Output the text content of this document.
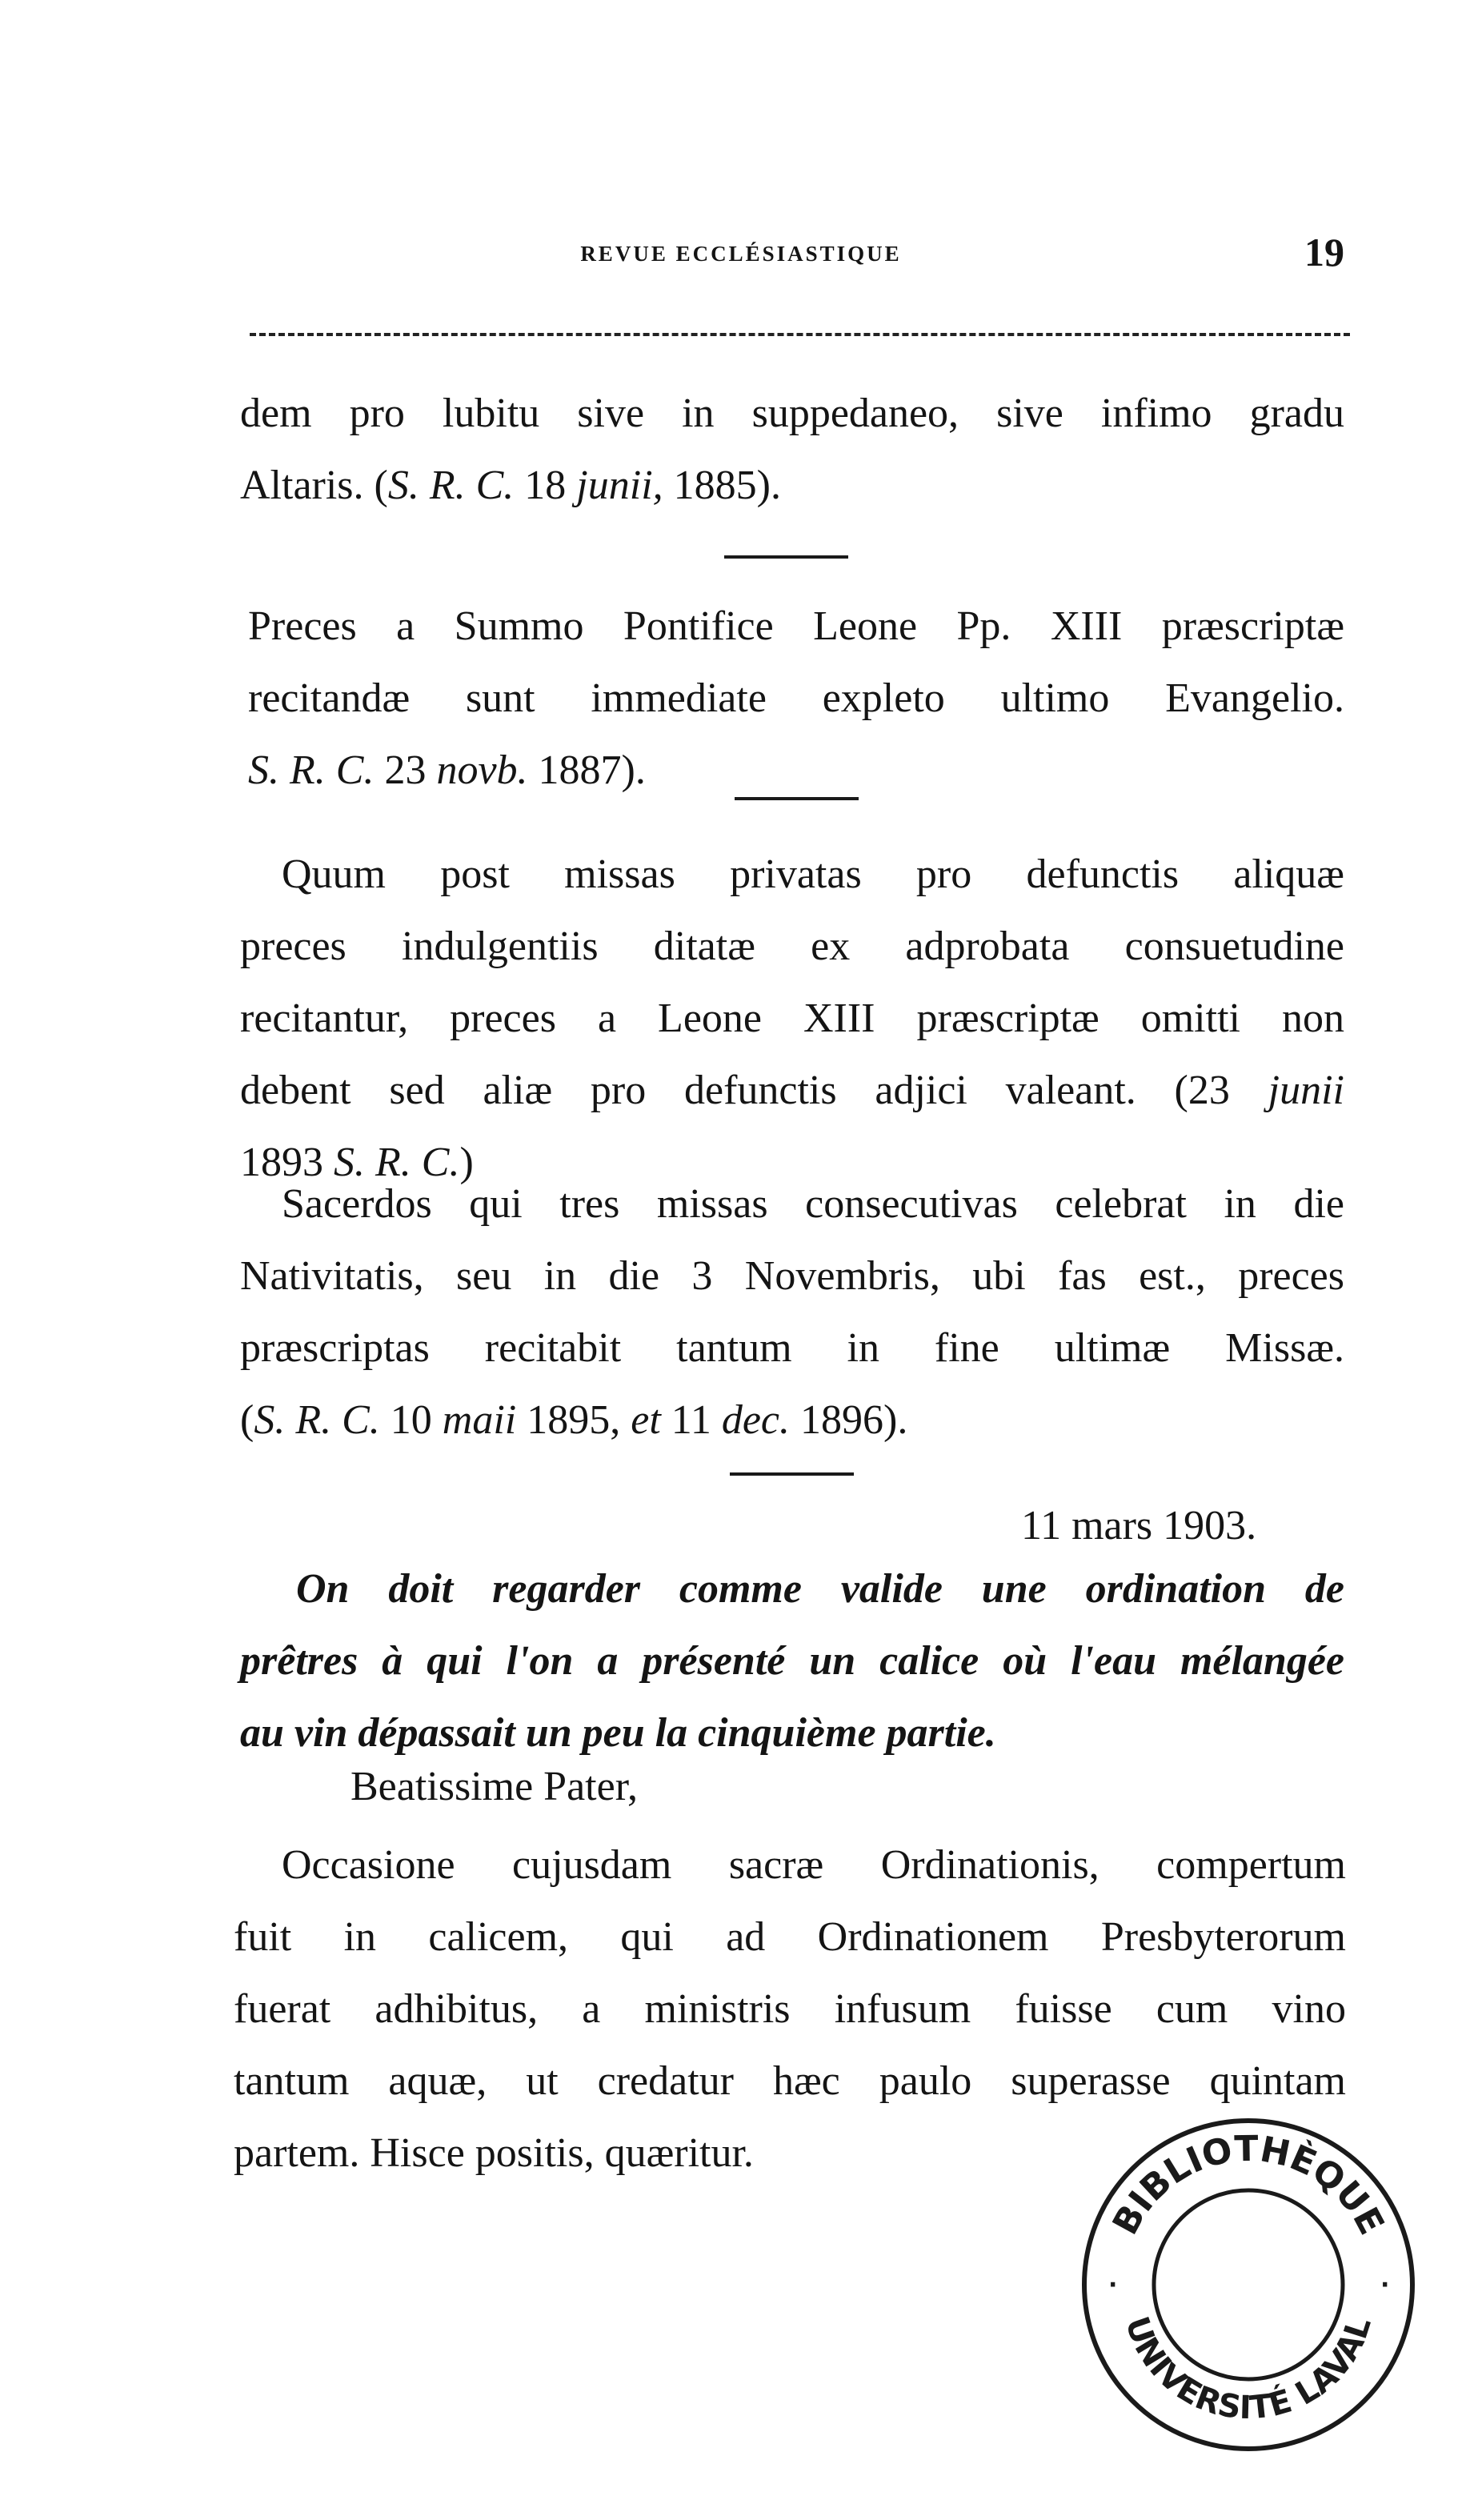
REVUE ECCLÉSIASTIQUE	19
dem pro lubitu sive in suppedaneo, sive infimo gradu
Altaris. (S. R. C. 18 junii, 1885).
Preces a Summo Pontifice Leone Pp. XIII præscriptæ
recitandæ sunt immediate expleto ultimo Evangelio.
S. R. C. 23 novb. 1887).
Quum post missas privatas pro defunctis aliquæ
preces indulgentiis ditatæ ex adprobata consuetudine
recitantur, preces a Leone XIII præscriptæ omitti non
debent sed aliæ pro defunctis adjici valeant. (23 junii
1893 S. R. C.)
Sacerdos qui tres missas consecutivas celebrat in die
Nativitatis, seu in die 3 Novembris, ubi fas est., preces
præscriptas recitabit tantum in fine ultimæ Missæ.
(S. R. C. 10 maii 1895, et 11 dec. 1896).
11 mars 1903.
On doit regarder comme valide une ordination de
prêtres à qui l'on a présenté un calice où l'eau mélangée
au vin dépassait un peu la cinquième partie.
Beatissime Pater,
Occasione cujusdam sacræ Ordinationis, compertum
fuit in calicem, qui ad Ordinationem Presbyterorum
fuerat adhibitus, a ministris infusum fuisse cum vino
tantum aquæ, ut credatur hæc paulo superasse quintam
partem. Hisce positis, quæritur.
BIBLIOTHÈQUE
UNIVERSITÉ LAVAL
·	·
